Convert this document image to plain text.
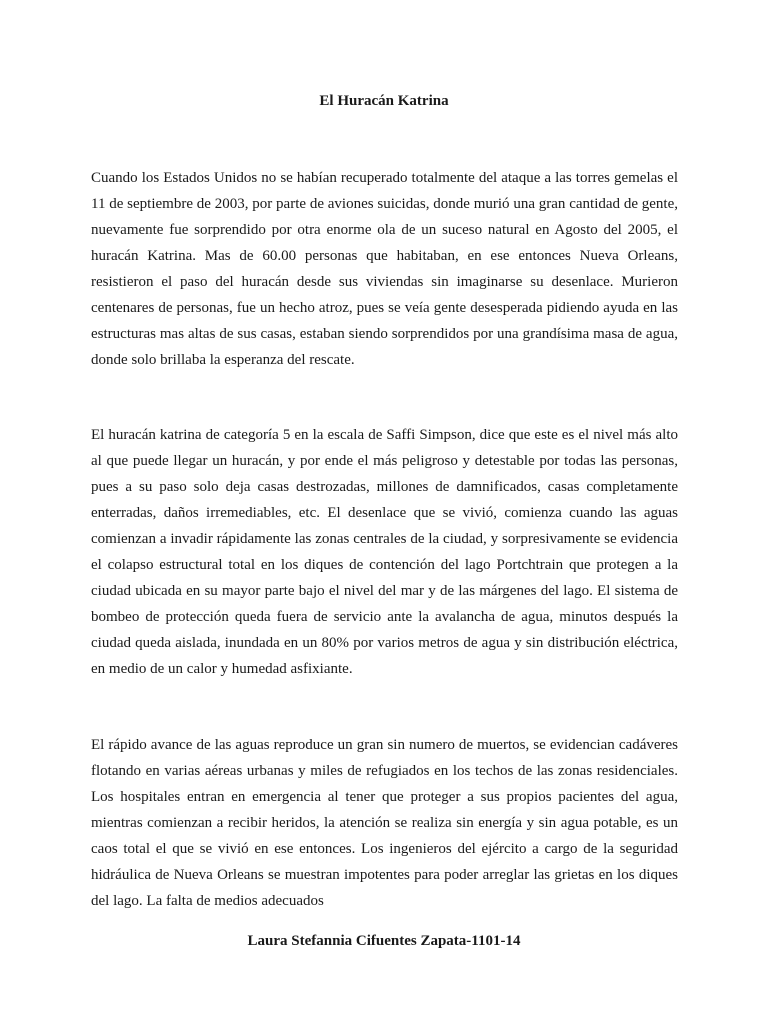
El Huracán Katrina

Cuando los Estados Unidos no se habían recuperado totalmente del ataque a las torres gemelas el 11 de septiembre de 2003, por parte de aviones suicidas, donde murió una gran cantidad de gente, nuevamente fue sorprendido por otra enorme ola de un suceso natural en Agosto del 2005, el huracán Katrina. Mas de 60.00 personas que habitaban, en ese entonces Nueva Orleans, resistieron el paso del huracán desde sus viviendas sin imaginarse su desenlace. Murieron centenares de personas, fue un hecho atroz, pues se veía gente desesperada pidiendo ayuda en las estructuras mas altas de sus casas, estaban siendo sorprendidos por una grandísima masa de agua, donde solo brillaba la esperanza del rescate.

El huracán katrina de categoría 5 en la escala de Saffi Simpson, dice que este es el nivel más alto al que puede llegar un huracán, y por ende el más peligroso y detestable por todas las personas, pues a su paso solo deja casas destrozadas, millones de damnificados, casas completamente enterradas, daños irremediables, etc. El desenlace que se vivió, comienza cuando las aguas comienzan a invadir rápidamente las zonas centrales de la ciudad, y sorpresivamente se evidencia el colapso estructural total en los diques de contención del lago Portchtrain que protegen a la ciudad ubicada en su mayor parte bajo el nivel del mar y de las márgenes del lago. El sistema de bombeo de protección queda fuera de servicio ante la avalancha de agua, minutos después la ciudad queda aislada, inundada en un 80% por varios metros de agua y sin distribución eléctrica, en medio de un calor y humedad asfixiante.

El rápido avance de las aguas reproduce un gran sin numero de muertos, se evidencian cadáveres flotando en varias aéreas urbanas y miles de refugiados en los techos de las zonas residenciales. Los hospitales entran en emergencia al tener que proteger a sus propios pacientes del agua, mientras comienzan a recibir heridos, la atención se realiza sin energía y sin agua potable, es un caos total el que se vivió en ese entonces. Los ingenieros del ejército a cargo de la seguridad hidráulica de Nueva Orleans se muestran impotentes para poder arreglar las grietas en los diques del lago. La falta de medios adecuados

Laura Stefannia Cifuentes Zapata-1101-14
